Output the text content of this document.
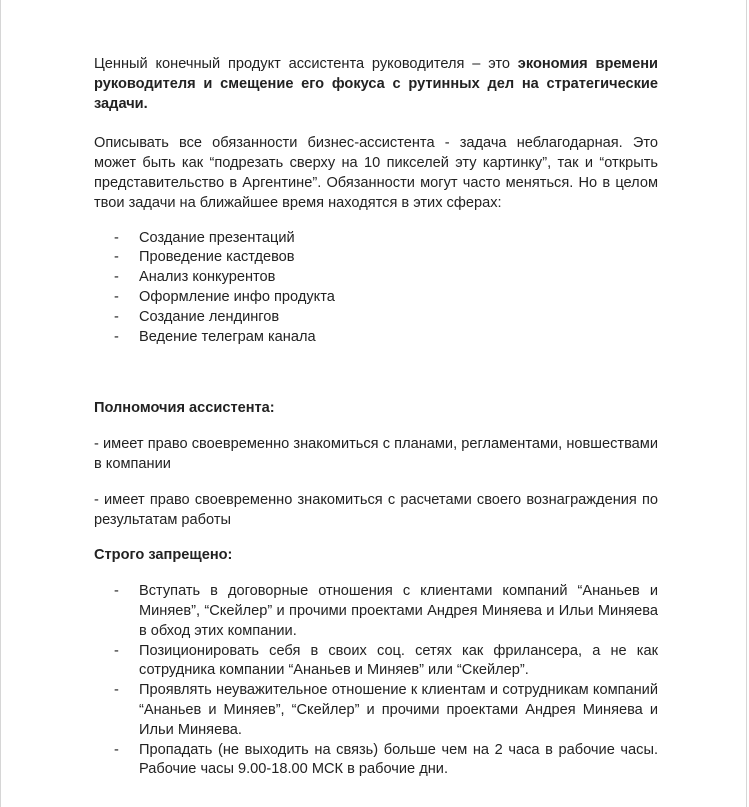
Ценный конечный продукт ассистента руководителя – это экономия времени руководителя и смещение его фокуса с рутинных дел на стратегические задачи.

Описывать все обязанности бизнес-ассистента - задача неблагодарная. Это может быть как “подрезать сверху на 10 пикселей эту картинку”, так и “открыть представительство в Аргентине”. Обязанности могут часто меняться. Но в целом твои задачи на ближайшее время находятся в этих сферах:

- Создание презентаций
- Проведение кастдевов
- Анализ конкурентов
- Оформление инфо продукта
- Создание лендингов
- Ведение телеграм канала

Полномочия ассистента:

- имеет право своевременно знакомиться с планами, регламентами, новшествами в компании

- имеет право своевременно знакомиться с расчетами своего вознаграждения по результатам работы

Строго запрещено:

- Вступать в договорные отношения с клиентами компаний “Ананьев и Миняев”, “Скейлер” и прочими проектами Андрея Миняева и Ильи Миняева в обход этих компании.
- Позиционировать себя в своих соц. сетях как фрилансера, а не как сотрудника компании “Ананьев и Миняев” или “Скейлер”.
- Проявлять неуважительное отношение к клиентам и сотрудникам компаний “Ананьев и Миняев”, “Скейлер” и прочими проектами Андрея Миняева и Ильи Миняева.
- Пропадать (не выходить на связь) больше чем на 2 часа в рабочие часы. Рабочие часы 9.00-18.00 МСК в рабочие дни.
